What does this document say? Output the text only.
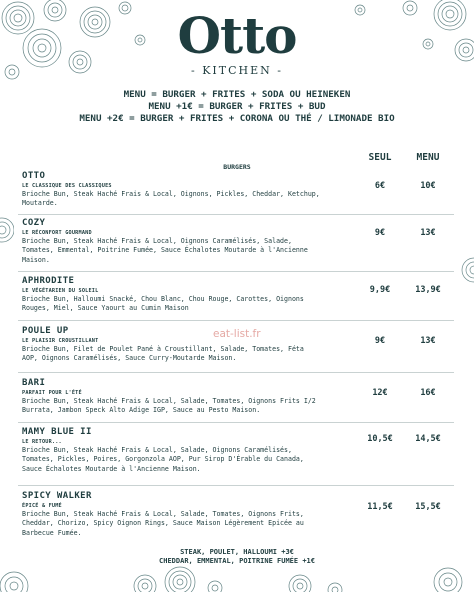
Otto
- KITCHEN -
MENU = BURGER + FRITES + SODA OU HEINEKEN
MENU +1€ = BURGER + FRITES + BUD
MENU +2€ = BURGER + FRITES + CORONA OU THÉ / LIMONADE BIO
BURGERS
SEUL	MENU
OTTO
LE CLASSIQUE DES CLASSIQUES
Brioche Bun, Steak Haché Frais & Local, Oignons, Pickles, Cheddar, Ketchup,
Moutarde.
6€	10€
COZY
LE RÉCONFORT GOURMAND
Brioche Bun, Steak Haché Frais & Local, Oignons Caramélisés, Salade,
Tomates, Emmental, Poitrine Fumée, Sauce Échalotes Moutarde à l'Ancienne
Maison.
9€	13€
APHRODITE
LE VÉGÉTARIEN DU SOLEIL
Brioche Bun, Halloumi Snacké, Chou Blanc, Chou Rouge, Carottes, Oignons
Rouges, Miel, Sauce Yaourt au Cumin Maison
9,9€	13,9€
POULE UP
LE PLAISIR CROUSTILLANT
Brioche Bun, Filet de Poulet Pané à Croustillant, Salade, Tomates, Féta
AOP, Oignons Caramélisés, Sauce Curry-Moutarde Maison.
9€	13€
BARI
PARFAIT POUR L'ÉTÉ
Brioche Bun, Steak Haché Frais & Local, Salade, Tomates, Oignons Frits I/2
Burrata, Jambon Speck Alto Adige IGP, Sauce au Pesto Maison.
12€	16€
MAMY BLUE II
LE RETOUR...
Brioche Bun, Steak Haché Frais & Local, Salade, Oignons Caramélisés,
Tomates, Pickles, Poires, Gorgonzola AOP, Pur Sirop D'Érable du Canada,
Sauce Échalotes Moutarde à l'Ancienne Maison.
10,5€	14,5€
SPICY WALKER
ÉPICÉ & FUMÉ
Brioche Bun, Steak Haché Frais & Local, Salade, Tomates, Oignons Frits,
Cheddar, Chorizo, Spicy Oignon Rings, Sauce Maison Légèrement Epicée au
Barbecue Fumée.
11,5€	15,5€
STEAK, POULET, HALLOUMI +3€
CHEDDAR, EMMENTAL, POITRINE FUMÉE +1€
eat-list.fr
